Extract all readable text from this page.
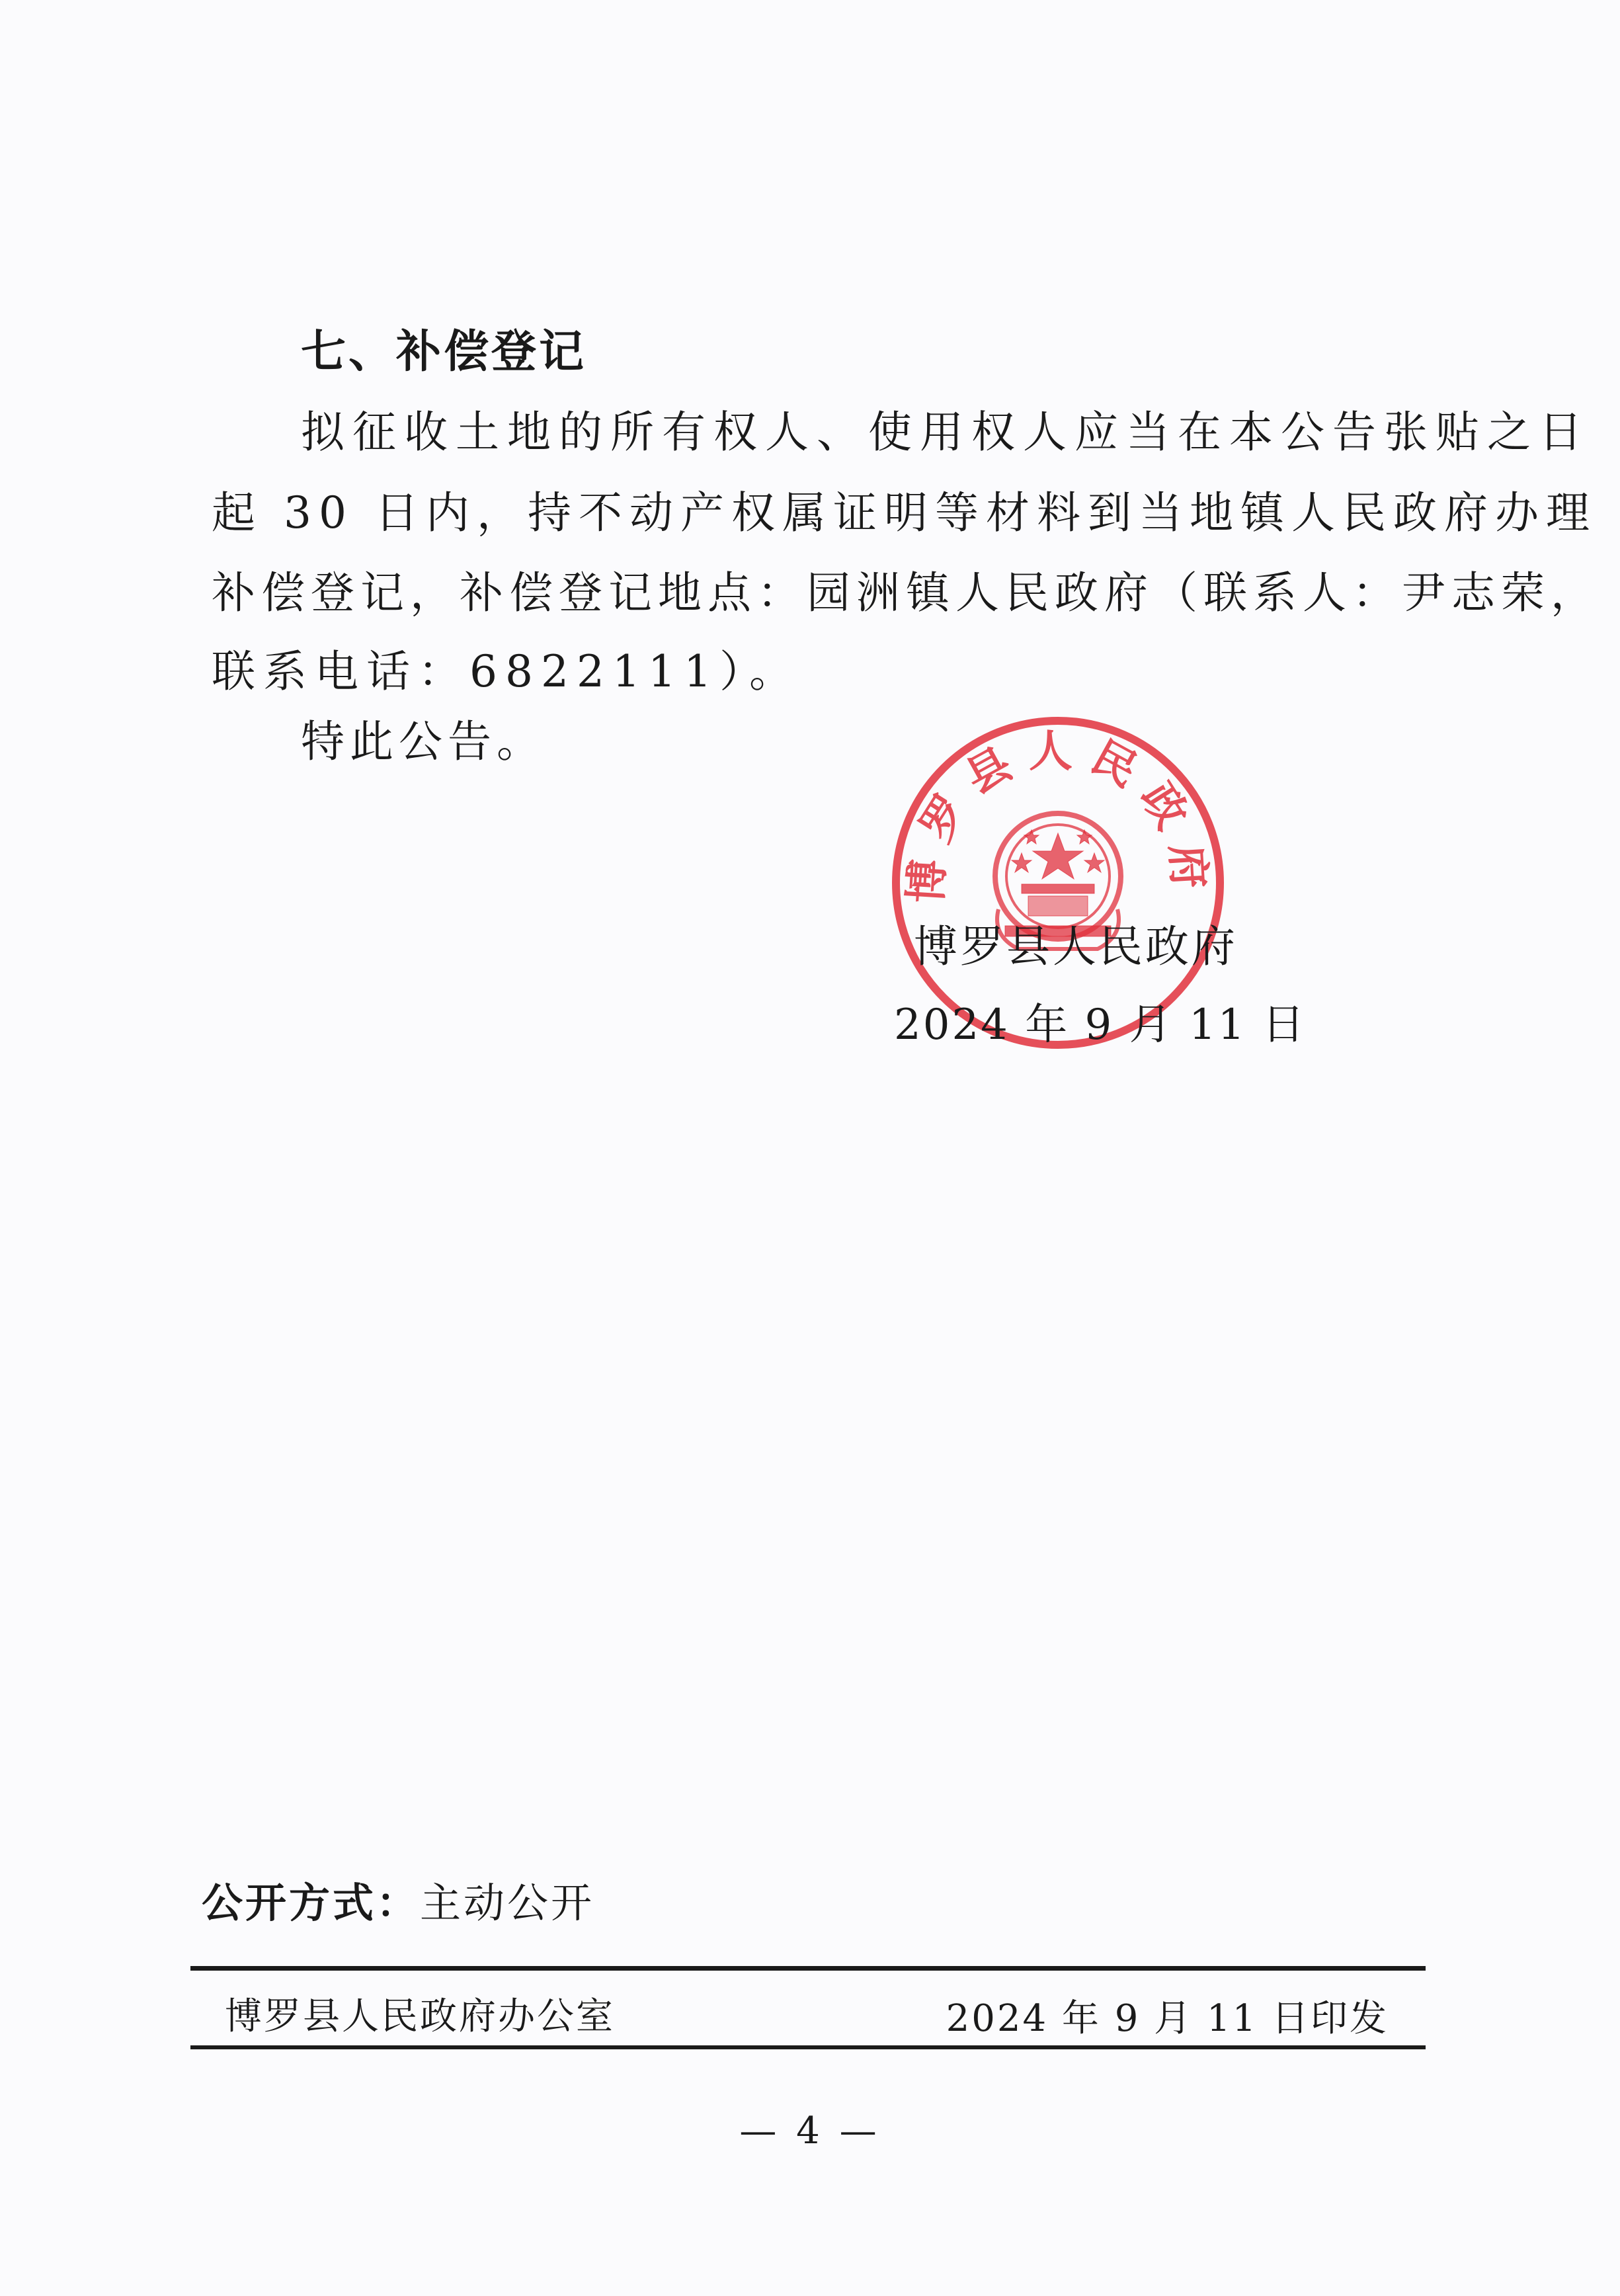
七、补偿登记
拟征收土地的所有权人、使用权人应当在本公告张贴之日
起 30 日内，持不动产权属证明等材料到当地镇人民政府办理
补偿登记，补偿登记地点：园洲镇人民政府（联系人：尹志荣，
联系电话：6822111）。
特此公告。
博罗县人民政府
博罗县人民政府
2024 年 9 月 11 日
公开方式：主动公开
博罗县人民政府办公室	2024 年 9 月 11 日印发
— 4 —
